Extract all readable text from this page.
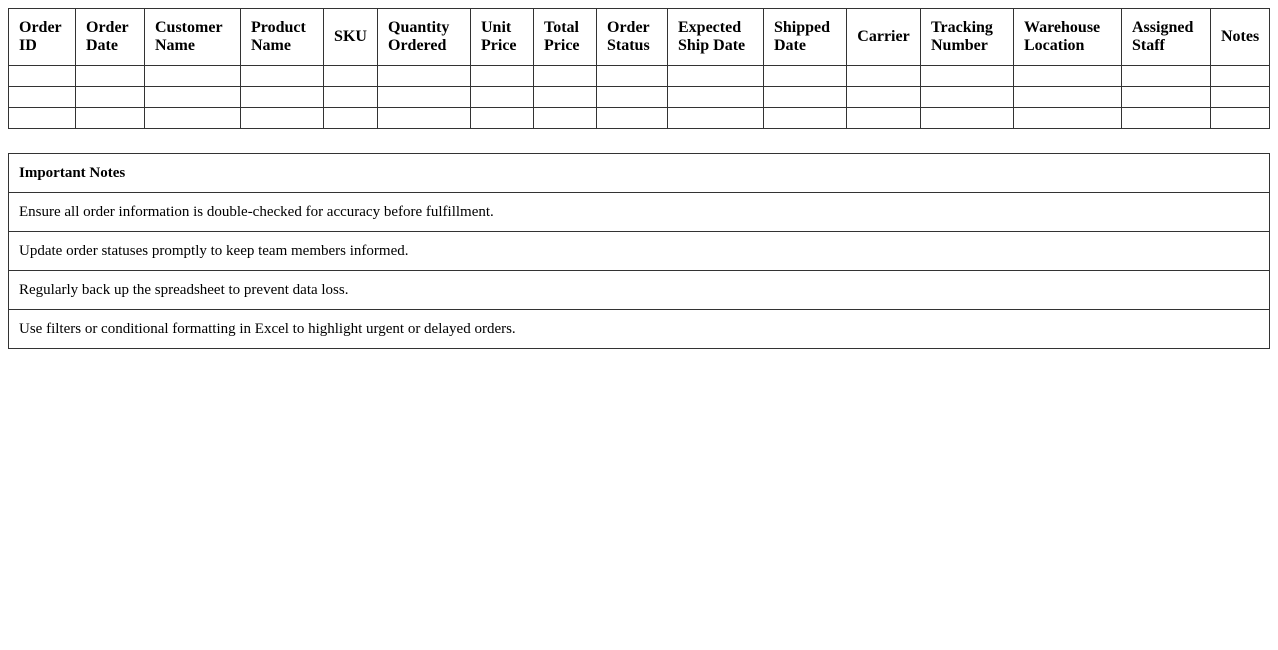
Order ID	Order Date	Customer Name	Product Name	SKU	Quantity Ordered	Unit Price	Total Price	Order Status	Expected Ship Date	Shipped Date	Carrier	Tracking Number	Warehouse Location	Assigned Staff	Notes

Important Notes
Ensure all order information is double-checked for accuracy before fulfillment.
Update order statuses promptly to keep team members informed.
Regularly back up the spreadsheet to prevent data loss.
Use filters or conditional formatting in Excel to highlight urgent or delayed orders.
